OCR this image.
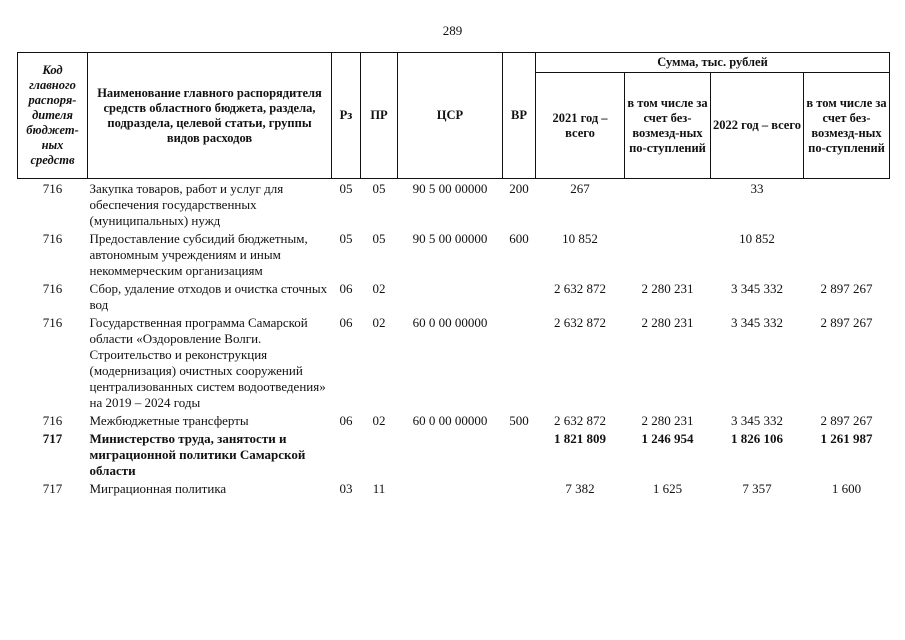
289
Код главного распоря-дителя бюджет-ных средств	Наименование главного распорядителя средств областного бюджета, раздела, подраздела, целевой статьи, группы видов расходов	Рз	ПР	ЦСР	ВР	Сумма, тыс. рублей			
						2021 год – всего	в том числе за счет без-возмезд-ных по-ступлений	2022 год – всего	в том числе за счет без-возмезд-ных по-ступлений
716	Закупка товаров, работ и услуг для обеспечения государственных (муниципальных) нужд	05	05	90 5 00 00000	200	267		33	
716	Предоставление субсидий бюджетным, автономным учреждениям и иным некоммерческим организациям	05	05	90 5 00 00000	600	10 852		10 852	
716	Сбор, удаление отходов и очистка сточных вод	06	02			2 632 872	2 280 231	3 345 332	2 897 267
716	Государственная программа Самарской области «Оздоровление Волги. Строительство и реконструкция (модернизация) очистных сооружений централизованных систем водоотведения» на 2019 – 2024 годы	06	02	60 0 00 00000		2 632 872	2 280 231	3 345 332	2 897 267
716	Межбюджетные трансферты	06	02	60 0 00 00000	500	2 632 872	2 280 231	3 345 332	2 897 267
717	Министерство труда, занятости и миграционной политики Самарской области					1 821 809	1 246 954	1 826 106	1 261 987
717	Миграционная политика	03	11			7 382	1 625	7 357	1 600
